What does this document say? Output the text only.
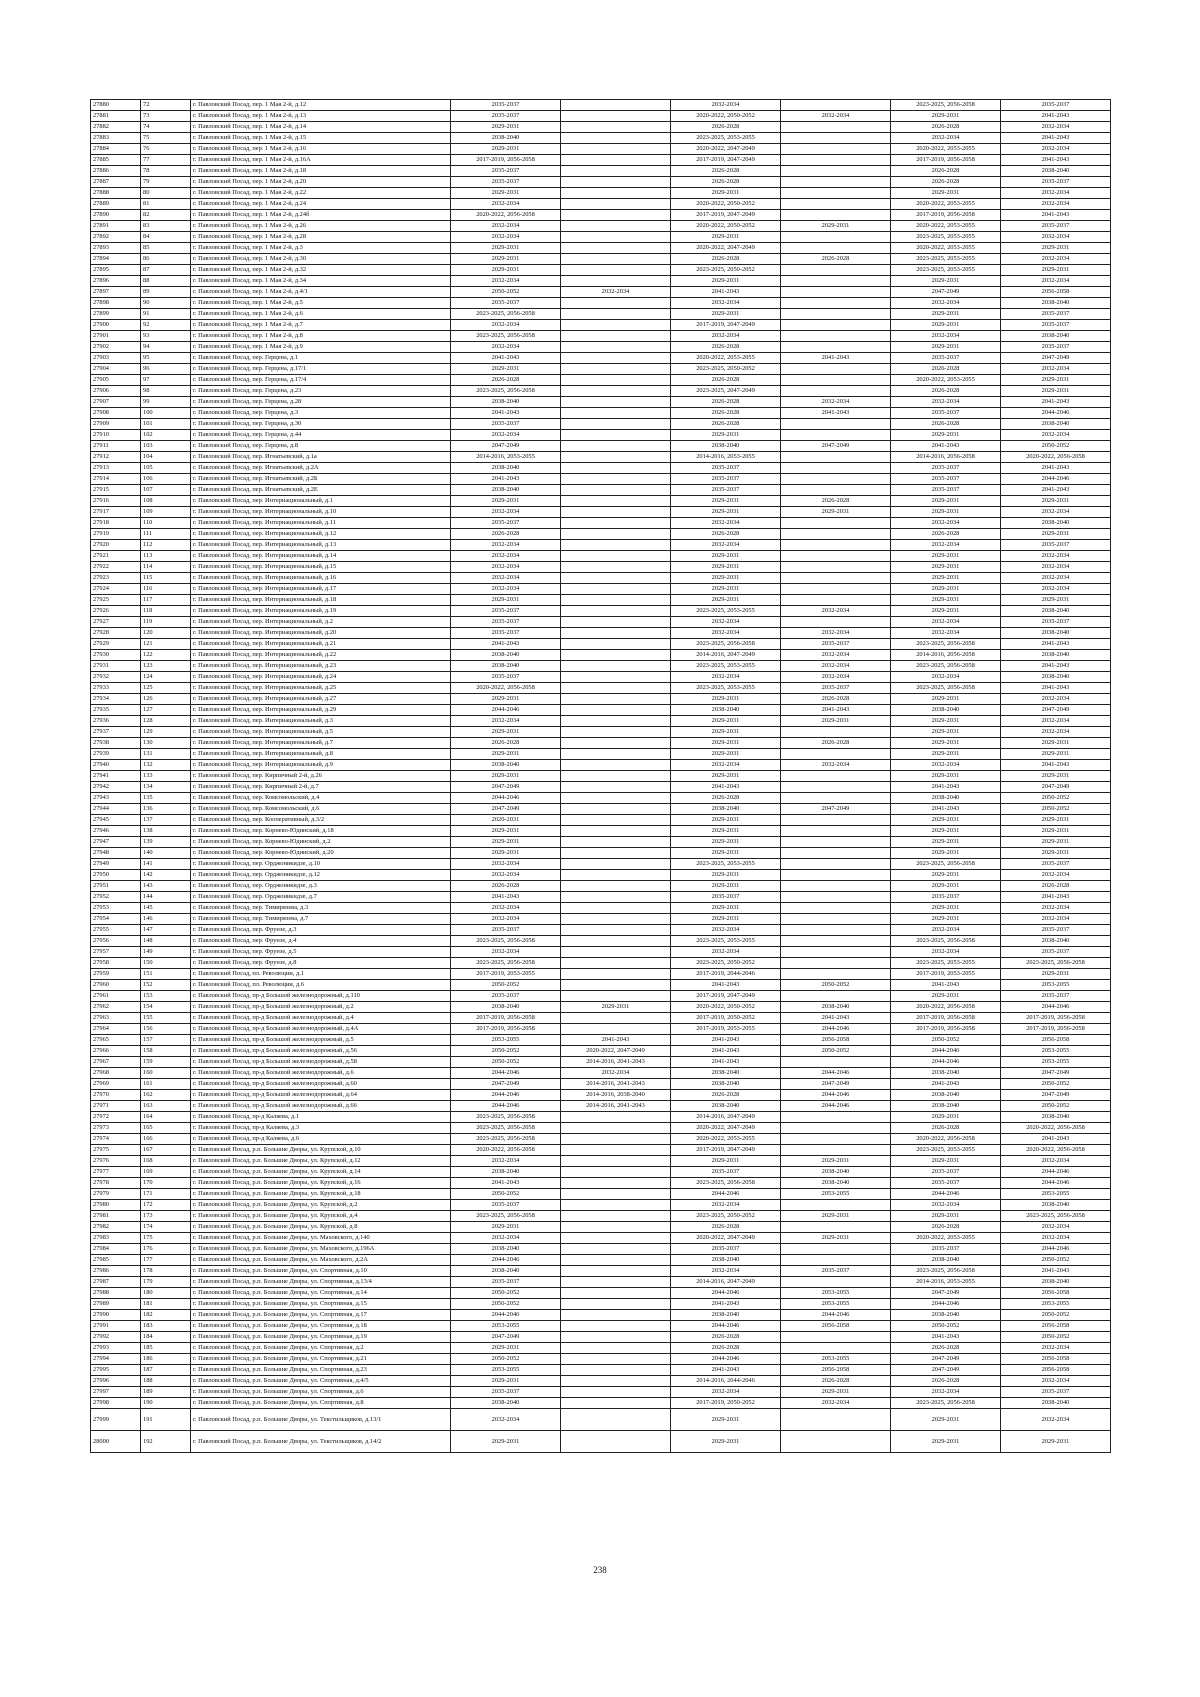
27880	72	г. Павловский Посад, пер. 1 Мая 2-й, д.12	2035-2037		2032-2034		2023-2025, 2056-2058	2035-2037
27881	73	г. Павловский Посад, пер. 1 Мая 2-й, д.13	2035-2037		2020-2022, 2050-2052	2032-2034	2029-2031	2041-2043
27882	74	г. Павловский Посад, пер. 1 Мая 2-й, д.14	2029-2031		2026-2028		2026-2028	2032-2034
27883	75	г. Павловский Посад, пер. 1 Мая 2-й, д.15	2038-2040		2023-2025, 2053-2055		2032-2034	2041-2043
27884	76	г. Павловский Посад, пер. 1 Мая 2-й, д.16	2029-2031		2020-2022, 2047-2049		2020-2022, 2053-2055	2032-2034
27885	77	г. Павловский Посад, пер. 1 Мая 2-й, д.16А	2017-2019, 2056-2058		2017-2019, 2047-2049		2017-2019, 2056-2058	2041-2043
27886	78	г. Павловский Посад, пер. 1 Мая 2-й, д.18	2035-2037		2026-2028		2026-2028	2038-2040
27887	79	г. Павловский Посад, пер. 1 Мая 2-й, д.20	2035-2037		2026-2028		2026-2028	2035-2037
27888	80	г. Павловский Посад, пер. 1 Мая 2-й, д.22	2029-2031		2029-2031		2029-2031	2032-2034
27889	81	г. Павловский Посад, пер. 1 Мая 2-й, д.24	2032-2034		2020-2022, 2050-2052		2020-2022, 2053-2055	2032-2034
27890	82	г. Павловский Посад, пер. 1 Мая 2-й, д.24б	2020-2022, 2056-2058		2017-2019, 2047-2049		2017-2019, 2056-2058	2041-2043
27891	83	г. Павловский Посад, пер. 1 Мая 2-й, д.26	2032-2034		2020-2022, 2050-2052	2029-2031	2020-2022, 2053-2055	2035-2037
27892	84	г. Павловский Посад, пер. 1 Мая 2-й, д.28	2032-2034		2029-2031		2023-2025, 2053-2055	2032-2034
27893	85	г. Павловский Посад, пер. 1 Мая 2-й, д.3	2029-2031		2020-2022, 2047-2049		2020-2022, 2053-2055	2029-2031
27894	86	г. Павловский Посад, пер. 1 Мая 2-й, д.30	2029-2031		2026-2028	2026-2028	2023-2025, 2053-2055	2032-2034
27895	87	г. Павловский Посад, пер. 1 Мая 2-й, д.32	2029-2031		2023-2025, 2050-2052		2023-2025, 2053-2055	2029-2031
27896	88	г. Павловский Посад, пер. 1 Мая 2-й, д.34	2032-2034		2029-2031		2029-2031	2032-2034
27897	89	г. Павловский Посад, пер. 1 Мая 2-й, д.4/1	2050-2052	2032-2034	2041-2043		2047-2049	2056-2058
27898	90	г. Павловский Посад, пер. 1 Мая 2-й, д.5	2035-2037		2032-2034		2032-2034	2038-2040
27899	91	г. Павловский Посад, пер. 1 Мая 2-й, д.6	2023-2025, 2056-2058		2029-2031		2029-2031	2035-2037
27900	92	г. Павловский Посад, пер. 1 Мая 2-й, д.7	2032-2034		2017-2019, 2047-2049		2029-2031	2035-2037
27901	93	г. Павловский Посад, пер. 1 Мая 2-й, д.8	2023-2025, 2056-2058		2032-2034		2032-2034	2038-2040
27902	94	г. Павловский Посад, пер. 1 Мая 2-й, д.9	2032-2034		2026-2028		2029-2031	2035-2037
27903	95	г. Павловский Посад, пер. Герцена, д.1	2041-2043		2020-2022, 2053-2055	2041-2043	2035-2037	2047-2049
27904	96	г. Павловский Посад, пер. Герцена, д.17/1	2029-2031		2023-2025, 2050-2052		2026-2028	2032-2034
27905	97	г. Павловский Посад, пер. Герцена, д.17/4	2026-2028		2026-2028		2020-2022, 2053-2055	2029-2031
27906	98	г. Павловский Посад, пер. Герцена, д.23	2023-2025, 2056-2058		2023-2025, 2047-2049		2026-2028	2029-2031
27907	99	г. Павловский Посад, пер. Герцена, д.28	2038-2040		2026-2028	2032-2034	2032-2034	2041-2043
27908	100	г. Павловский Посад, пер. Герцена, д.3	2041-2043		2026-2028	2041-2043	2035-2037	2044-2046
27909	101	г. Павловский Посад, пер. Герцена, д.30	2035-2037		2026-2028		2026-2028	2038-2040
27910	102	г. Павловский Посад, пер. Герцена, д.44	2032-2034		2029-2031		2029-2031	2032-2034
27911	103	г. Павловский Посад, пер. Герцена, д.8	2047-2049		2038-2040	2047-2049	2041-2043	2050-2052
27912	104	г. Павловский Посад, пер. Игнатьевский, д.1а	2014-2016, 2053-2055		2014-2016, 2053-2055		2014-2016, 2056-2058	2020-2022, 2056-2058
27913	105	г. Павловский Посад, пер. Игнатьевский, д.2А	2038-2040		2035-2037		2035-2037	2041-2043
27914	106	г. Павловский Посад, пер. Игнатьевский, д.2Б	2041-2043		2035-2037		2035-2037	2044-2046
27915	107	г. Павловский Посад, пер. Игнатьевский, д.2Е	2038-2040		2035-2037		2035-2037	2041-2043
27916	108	г. Павловский Посад, пер. Интернациональный, д.1	2029-2031		2029-2031	2026-2028	2029-2031	2029-2031
27917	109	г. Павловский Посад, пер. Интернациональный, д.10	2032-2034		2029-2031	2029-2031	2029-2031	2032-2034
27918	110	г. Павловский Посад, пер. Интернациональный, д.11	2035-2037		2032-2034		2032-2034	2038-2040
27919	111	г. Павловский Посад, пер. Интернациональный, д.12	2026-2028		2026-2028		2026-2028	2029-2031
27920	112	г. Павловский Посад, пер. Интернациональный, д.13	2032-2034		2032-2034		2032-2034	2035-2037
27921	113	г. Павловский Посад, пер. Интернациональный, д.14	2032-2034		2029-2031		2029-2031	2032-2034
27922	114	г. Павловский Посад, пер. Интернациональный, д.15	2032-2034		2029-2031		2029-2031	2032-2034
27923	115	г. Павловский Посад, пер. Интернациональный, д.16	2032-2034		2029-2031		2029-2031	2032-2034
27924	116	г. Павловский Посад, пер. Интернациональный, д.17	2032-2034		2029-2031		2029-2031	2032-2034
27925	117	г. Павловский Посад, пер. Интернациональный, д.18	2029-2031		2029-2031		2029-2031	2029-2031
27926	118	г. Павловский Посад, пер. Интернациональный, д.19	2035-2037		2023-2025, 2053-2055	2032-2034	2029-2031	2038-2040
27927	119	г. Павловский Посад, пер. Интернациональный, д.2	2035-2037		2032-2034		2032-2034	2035-2037
27928	120	г. Павловский Посад, пер. Интернациональный, д.20	2035-2037		2032-2034	2032-2034	2032-2034	2038-2040
27929	121	г. Павловский Посад, пер. Интернациональный, д.21	2041-2043		2023-2025, 2056-2058	2035-2037	2023-2025, 2056-2058	2041-2043
27930	122	г. Павловский Посад, пер. Интернациональный, д.22	2038-2040		2014-2016, 2047-2049	2032-2034	2014-2016, 2056-2058	2038-2040
27931	123	г. Павловский Посад, пер. Интернациональный, д.23	2038-2040		2023-2025, 2053-2055	2032-2034	2023-2025, 2056-2058	2041-2043
27932	124	г. Павловский Посад, пер. Интернациональный, д.24	2035-2037		2032-2034	2032-2034	2032-2034	2038-2040
27933	125	г. Павловский Посад, пер. Интернациональный, д.25	2020-2022, 2056-2058		2023-2025, 2053-2055	2035-2037	2023-2025, 2056-2058	2041-2043
27934	126	г. Павловский Посад, пер. Интернациональный, д.27	2029-2031		2029-2031	2026-2028	2029-2031	2032-2034
27935	127	г. Павловский Посад, пер. Интернациональный, д.29	2044-2046		2038-2040	2041-2043	2038-2040	2047-2049
27936	128	г. Павловский Посад, пер. Интернациональный, д.3	2032-2034		2029-2031	2029-2031	2029-2031	2032-2034
27937	129	г. Павловский Посад, пер. Интернациональный, д.5	2029-2031		2029-2031		2029-2031	2032-2034
27938	130	г. Павловский Посад, пер. Интернациональный, д.7	2026-2028		2029-2031	2026-2028	2029-2031	2029-2031
27939	131	г. Павловский Посад, пер. Интернациональный, д.8	2029-2031		2029-2031		2029-2031	2029-2031
27940	132	г. Павловский Посад, пер. Интернациональный, д.9	2038-2040		2032-2034	2032-2034	2032-2034	2041-2043
27941	133	г. Павловский Посад, пер. Кирпичный 2-й, д.26	2029-2031		2029-2031		2029-2031	2029-2031
27942	134	г. Павловский Посад, пер. Кирпичный 2-й, д.7	2047-2049		2041-2043		2041-2043	2047-2049
27943	135	г. Павловский Посад, пер. Комсомольский, д.4	2044-2046		2026-2028		2038-2040	2050-2052
27944	136	г. Павловский Посад, пер. Комсомольский, д.6	2047-2049		2038-2040	2047-2049	2041-2043	2050-2052
27945	137	г. Павловский Посад, пер. Кооперативный, д.3/2	2020-2031		2029-2031		2029-2031	2029-2031
27946	138	г. Павловский Посад, пер. Корнево-Юдинский, д.18	2029-2031		2029-2031		2029-2031	2029-2031
27947	139	г. Павловский Посад, пер. Корнево-Юдинский, д.2	2029-2031		2029-2031		2029-2031	2029-2031
27948	140	г. Павловский Посад, пер. Корнево-Юдинский, д.20	2029-2031		2029-2031		2029-2031	2029-2031
27949	141	г. Павловский Посад, пер. Орджоникидзе, д.10	2032-2034		2023-2025, 2053-2055		2023-2025, 2056-2058	2035-2037
27950	142	г. Павловский Посад, пер. Орджоникидзе, д.12	2032-2034		2029-2031		2029-2031	2032-2034
27951	143	г. Павловский Посад, пер. Орджоникидзе, д.3	2026-2028		2029-2031		2029-2031	2026-2028
27952	144	г. Павловский Посад, пер. Орджоникидзе, д.7	2041-2043		2035-2037		2035-2037	2041-2043
27953	145	г. Павловский Посад, пер. Тимирязева, д.3	2032-2034		2029-2031		2029-2031	2032-2034
27954	146	г. Павловский Посад, пер. Тимирязева, д.7	2032-2034		2029-2031		2029-2031	2032-2034
27955	147	г. Павловский Посад, пер. Фрунзе, д.3	2035-2037		2032-2034		2032-2034	2035-2037
27956	148	г. Павловский Посад, пер. Фрунзе, д.4	2023-2025, 2056-2058		2023-2025, 2053-2055		2023-2025, 2056-2058	2038-2040
27957	149	г. Павловский Посад, пер. Фрунзе, д.5	2032-2034		2032-2034		2032-2034	2035-2037
27958	150	г. Павловский Посад, пер. Фрунзе, д.8	2023-2025, 2056-2058		2023-2025, 2050-2052		2023-2025, 2053-2055	2023-2025, 2056-2058
27959	151	г. Павловский Посад, пл. Революции, д.1	2017-2019, 2053-2055		2017-2019, 2044-2046		2017-2019, 2053-2055	2029-2031
27960	152	г. Павловский Посад, пл. Революции, д.6	2050-2052		2041-2043	2050-2052	2041-2043	2053-2055
27961	153	г. Павловский Посад, пр-д Большой железнодорожный, д.110	2035-2037		2017-2019, 2047-2049		2029-2031	2035-2037
27962	154	г. Павловский Посад, пр-д Большой железнодорожный, д.2	2038-2040	2029-2031	2020-2022, 2050-2052	2038-2040	2020-2022, 2056-2058	2044-2046
27963	155	г. Павловский Посад, пр-д Большой железнодорожный, д.4	2017-2019, 2056-2058		2017-2019, 2050-2052	2041-2043	2017-2019, 2056-2058	2017-2019, 2056-2058
27964	156	г. Павловский Посад, пр-д Большой железнодорожный, д.4А	2017-2019, 2056-2058		2017-2019, 2053-2055	2044-2046	2017-2019, 2056-2058	2017-2019, 2056-2058
27965	157	г. Павловский Посад, пр-д Большой железнодорожный, д.5	2053-2055	2041-2043	2041-2043	2056-2058	2050-2052	2056-2058
27966	158	г. Павловский Посад, пр-д Большой железнодорожный, д.56	2050-2052	2020-2022, 2047-2049	2041-2043	2050-2052	2044-2046	2053-2055
27967	159	г. Павловский Посад, пр-д Большой железнодорожный, д.58	2050-2052	2014-2016, 2041-2043	2041-2043		2044-2046	2053-2055
27968	160	г. Павловский Посад, пр-д Большой железнодорожный, д.6	2044-2046	2032-2034	2038-2040	2044-2046	2038-2040	2047-2049
27969	161	г. Павловский Посад, пр-д Большой железнодорожный, д.60	2047-2049	2014-2016, 2041-2043	2038-2040	2047-2049	2041-2043	2050-2052
27970	162	г. Павловский Посад, пр-д Большой железнодорожный, д.64	2044-2046	2014-2016, 2038-2040	2026-2028	2044-2046	2038-2040	2047-2049
27971	163	г. Павловский Посад, пр-д Большой железнодорожный, д.66	2044-2046	2014-2016, 2041-2043	2038-2040	2044-2046	2038-2040	2050-2052
27972	164	г. Павловский Посад, пр-д Каляева, д.1	2023-2025, 2056-2058		2014-2016, 2047-2049		2029-2031	2038-2040
27973	165	г. Павловский Посад, пр-д Каляева, д.3	2023-2025, 2056-2058		2020-2022, 2047-2049		2026-2028	2020-2022, 2056-2058
27974	166	г. Павловский Посад, пр-д Каляева, д.6	2023-2025, 2056-2058		2020-2022, 2053-2055		2020-2022, 2056-2058	2041-2043
27975	167	г. Павловский Посад, р.п. Большие Дворы, ул. Крупской, д.10	2020-2022, 2056-2058		2017-2019, 2047-2049		2023-2025, 2053-2055	2020-2022, 2056-2058
27976	168	г. Павловский Посад, р.п. Большие Дворы, ул. Крупской, д.12	2032-2034		2029-2031	2029-2031	2029-2031	2032-2034
27977	169	г. Павловский Посад, р.п. Большие Дворы, ул. Крупской, д.14	2038-2040		2035-2037	2038-2040	2035-2037	2044-2046
27978	170	г. Павловский Посад, р.п. Большие Дворы, ул. Крупской, д.16	2041-2043		2023-2025, 2056-2058	2038-2040	2035-2037	2044-2046
27979	171	г. Павловский Посад, р.п. Большие Дворы, ул. Крупской, д.18	2050-2052		2044-2046	2053-2055	2044-2046	2053-2055
27980	172	г. Павловский Посад, р.п. Большие Дворы, ул. Крупской, д.2	2035-2037		2032-2034		2032-2034	2038-2040
27981	173	г. Павловский Посад, р.п. Большие Дворы, ул. Крупской, д.4	2023-2025, 2056-2058		2023-2025, 2050-2052	2029-2031	2029-2031	2023-2025, 2056-2058
27982	174	г. Павловский Посад, р.п. Большие Дворы, ул. Крупской, д.8	2029-2031		2026-2028		2026-2028	2032-2034
27983	175	г. Павловский Посад, р.п. Большие Дворы, ул. Маховского, д.140	2032-2034		2020-2022, 2047-2049	2029-2031	2020-2022, 2053-2055	2032-2034
27984	176	г. Павловский Посад, р.п. Большие Дворы, ул. Маховского, д.196А	2038-2040		2035-2037		2035-2037	2044-2046
27985	177	г. Павловский Посад, р.п. Большие Дворы, ул. Маховского, д.2А	2044-2046		2038-2040		2038-2040	2050-2052
27986	178	г. Павловский Посад, р.п. Большие Дворы, ул. Спортивная, д.10	2038-2040		2032-2034	2035-2037	2023-2025, 2056-2058	2041-2043
27987	179	г. Павловский Посад, р.п. Большие Дворы, ул. Спортивная, д.13/4	2035-2037		2014-2016, 2047-2049		2014-2016, 2053-2055	2038-2040
27988	180	г. Павловский Посад, р.п. Большие Дворы, ул. Спортивная, д.14	2050-2052		2044-2046	2053-2055	2047-2049	2056-2058
27989	181	г. Павловский Посад, р.п. Большие Дворы, ул. Спортивная, д.15	2050-2052		2041-2043	2053-2055	2044-2046	2053-2055
27990	182	г. Павловский Посад, р.п. Большие Дворы, ул. Спортивная, д.17	2044-2046		2038-2040	2044-2046	2038-2040	2050-2052
27991	183	г. Павловский Посад, р.п. Большие Дворы, ул. Спортивная, д.18	2053-2055		2044-2046	2056-2058	2050-2052	2056-2058
27992	184	г. Павловский Посад, р.п. Большие Дворы, ул. Спортивная, д.19	2047-2049		2026-2028		2041-2043	2050-2052
27993	185	г. Павловский Посад, р.п. Большие Дворы, ул. Спортивная, д.2	2029-2031		2026-2028		2026-2028	2032-2034
27994	186	г. Павловский Посад, р.п. Большие Дворы, ул. Спортивная, д.21	2050-2052		2044-2046	2053-2055	2047-2049	2056-2058
27995	187	г. Павловский Посад, р.п. Большие Дворы, ул. Спортивная, д.23	2053-2055		2041-2043	2056-2058	2047-2049	2056-2058
27996	188	г. Павловский Посад, р.п. Большие Дворы, ул. Спортивная, д.4/5	2029-2031		2014-2016, 2044-2046	2026-2028	2026-2028	2032-2034
27997	189	г. Павловский Посад, р.п. Большие Дворы, ул. Спортивная, д.6	2035-2037		2032-2034	2029-2031	2032-2034	2035-2037
27998	190	г. Павловский Посад, р.п. Большие Дворы, ул. Спортивная, д.8	2038-2040		2017-2019, 2050-2052	2032-2034	2023-2025, 2056-2058	2038-2040
27999	191	г. Павловский Посад, р.п. Большие Дворы, ул. Текстильщиков, д.13/1	2032-2034		2029-2031		2029-2031	2032-2034
28000	192	г. Павловский Посад, р.п. Большие Дворы, ул. Текстильщиков, д.14/2	2029-2031		2029-2031		2029-2031	2029-2031
238
